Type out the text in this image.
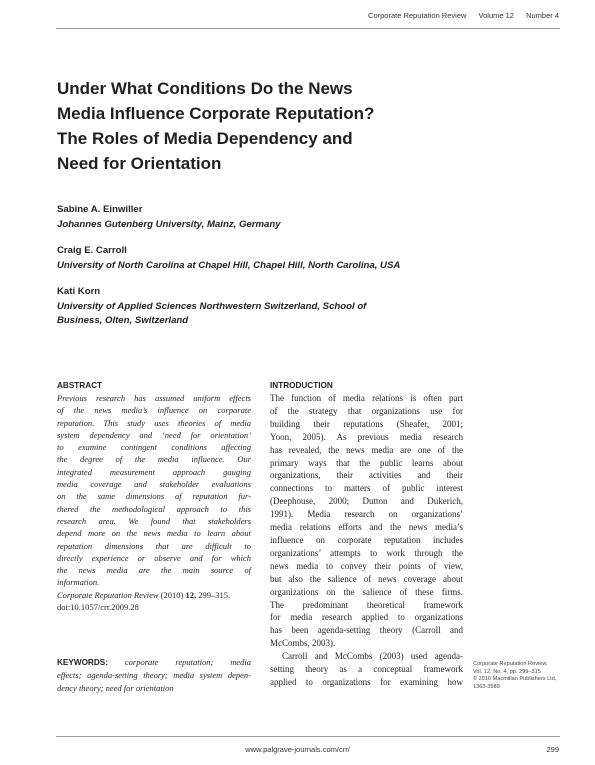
Corporate Reputation Review Volume 12 Number 4
Under What Conditions Do the News
Media Influence Corporate Reputation?
The Roles of Media Dependency and
Need for Orientation
Sabine A. Einwiller
Johannes Gutenberg University, Mainz, Germany
Craig E. Carroll
University of North Carolina at Chapel Hill, Chapel Hill, North Carolina, USA
Kati Korn
University of Applied Sciences Northwestern Switzerland, School of
Business, Olten, Switzerland
ABSTRACT
Previous research has assumed uniform effects
of the news media’s influence on corporate
reputation. This study uses theories of media
system dependency and ‘need for orientation’
to examine contingent conditions affecting
the degree of the media influence. Our
integrated measurement approach gauging
media coverage and stakeholder evaluations
on the same dimensions of reputation fur-
thered the methodological approach to this
research area. We found that stakeholders
depend more on the news media to learn about
reputation dimensions that are difficult to
directly experience or observe and for which
the news media are the main source of
information.
Corporate Reputation Review (2010) 12, 299–315.
doi:10.1057/crr.2009.28
KEYWORDS: corporate reputation; media
effects; agenda-setting theory; media system depen-
dency theory; need for orientation
INTRODUCTION
The function of media relations is often part
of the strategy that organizations use for
building their reputations (Sheafer, 2001;
Yoon, 2005). As previous media research
has revealed, the news media are one of the
primary ways that the public learns about
organizations, their activities and their
connections to matters of public interest
(Deephouse, 2000; Dutton and Dukerich,
1991). Media research on organizations’
media relations efforts and the news media’s
influence on corporate reputation includes
organizations’ attempts to work through the
news media to convey their points of view,
but also the salience of news coverage about
organizations on the salience of these firms.
The predominant theoretical framework
for media research applied to organizations
has been agenda-setting theory (Carroll and
McCombs, 2003).
Carroll and McCombs (2003) used agenda-
setting theory as a conceptual framework
applied to organizations for examining how
Corporate Reputation Review,
Vol. 12, No. 4, pp. 299–315
© 2010 Macmillan Publishers Ltd,
1363-3589
www.palgrave-journals.com/crr/	299
